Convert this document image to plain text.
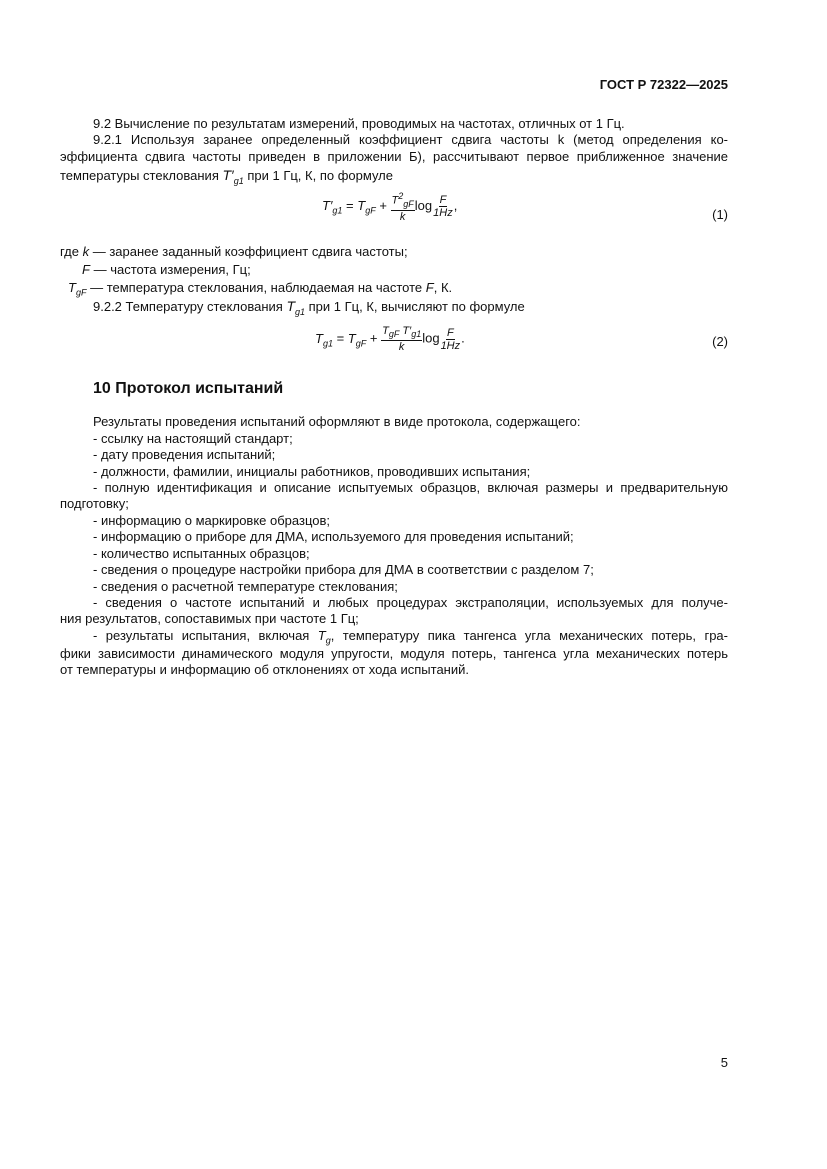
ГОСТ Р 72322—2025
9.2 Вычисление по результатам измерений, проводимых на частотах, отличных от 1 Гц.
9.2.1 Используя заранее определенный коэффициент сдвига частоты k (метод определения ко-
эффициента сдвига частоты приведен в приложении Б), рассчитывают первое приближенное значение
температуры стеклования $T'_{g1}$ при 1 Гц, К, по формуле
$T'_{g1} = T_{gF} + \frac{T^2_{gF}}{k}$ $\log \frac{F}{1Hz}$ ,
(1)
где k — заранее заданный коэффициент сдвига частоты;
F — частота измерения, Гц;
$T_{gF}$ — температура стеклования, наблюдаемая на частоте F, К.
9.2.2 Температуру стеклования $T_{g1}$ при 1 Гц, К, вычисляют по формуле
$T_{g1} = T_{gF} + \frac{T_{gF} T'_{g1}}{k}$ $\log \frac{F}{1Hz}$ .	(2)
10 Протокол испытаний
Результаты проведения испытаний оформляют в виде протокола, содержащего:
- ссылку на настоящий стандарт;
- дату проведения испытаний;
- должности, фамилии, инициалы работников, проводивших испытания;
- полную идентификация и описание испытуемых образцов, включая размеры и предварительную
подготовку;
- информацию о маркировке образцов;
- информацию о приборе для ДМА, используемого для проведения испытаний;
- количество испытанных образцов;
- сведения о процедуре настройки прибора для ДМА в соответствии с разделом 7;
- сведения о расчетной температуре стеклования;
- сведения о частоте испытаний и любых процедурах экстраполяции, используемых для получе-
ния результатов, сопоставимых при частоте 1 Гц;
- результаты испытания, включая $T_g$, температуру пика тангенса угла механических потерь, гра-
фики зависимости динамического модуля упругости, модуля потерь, тангенса угла механических потерь
от температуры и информацию об отклонениях от хода испытаний.
5
